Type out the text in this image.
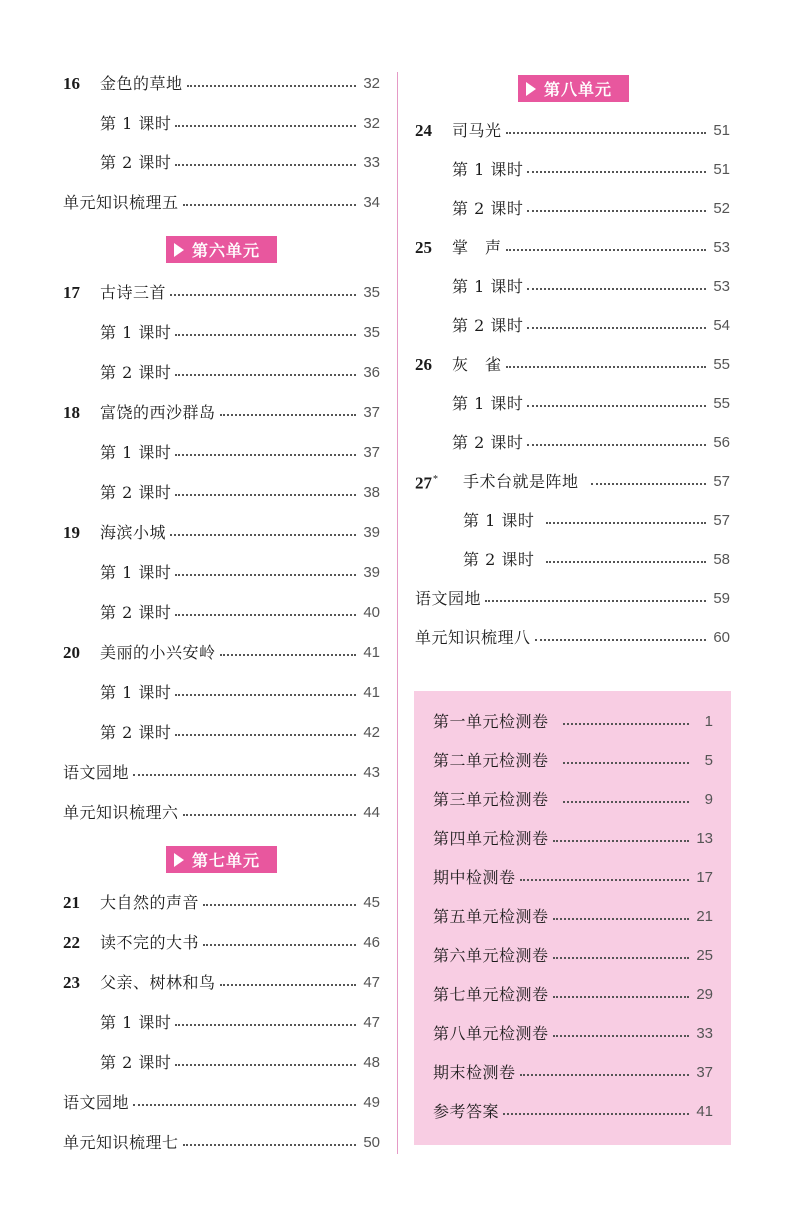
16	金色的草地	32
第 1 课时	32
第 2 课时	33
单元知识梳理五	34
第六单元
17	古诗三首	35
第 1 课时	35
第 2 课时	36
18	富饶的西沙群岛	37
第 1 课时	37
第 2 课时	38
19	海滨小城	39
第 1 课时	39
第 2 课时	40
20	美丽的小兴安岭	41
第 1 课时	41
第 2 课时	42
语文园地	43
单元知识梳理六	44
第七单元
21	大自然的声音	45
22	读不完的大书	46
23	父亲、树林和鸟	47
第 1 课时	47
第 2 课时	48
语文园地	49
单元知识梳理七	50
第八单元
24	司马光	51
第 1 课时	51
第 2 课时	52
25	掌　声	53
第 1 课时	53
第 2 课时	54
26	灰　雀	55
第 1 课时	55
第 2 课时	56
27*	手术台就是阵地	57
第 1 课时	57
第 2 课时	58
语文园地	59
单元知识梳理八	60
第一单元检测卷	1
第二单元检测卷	5
第三单元检测卷	9
第四单元检测卷	13
期中检测卷	17
第五单元检测卷	21
第六单元检测卷	25
第七单元检测卷	29
第八单元检测卷	33
期末检测卷	37
参考答案	41
